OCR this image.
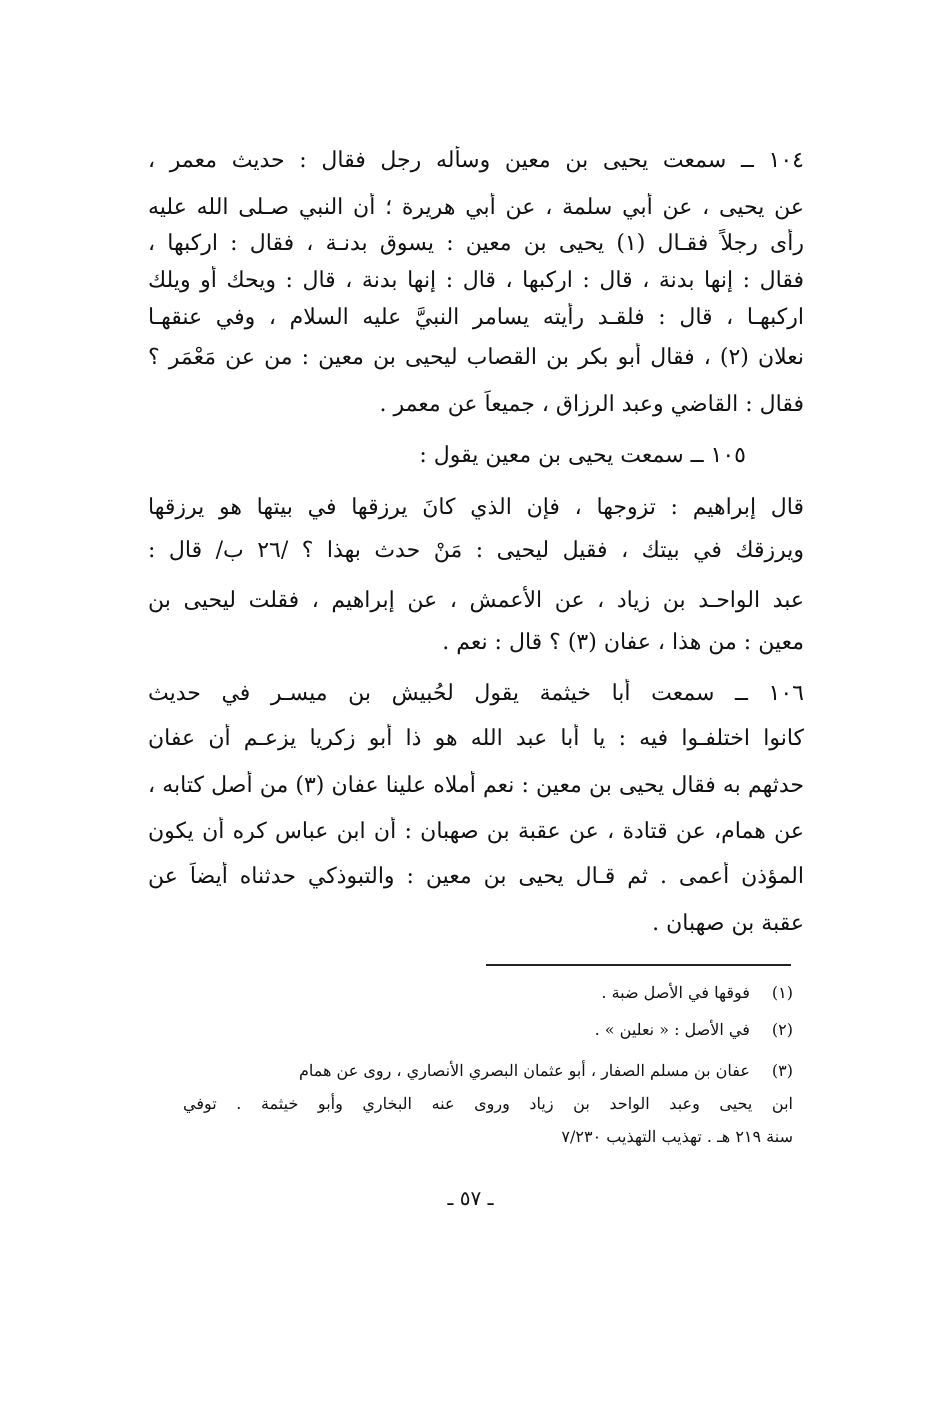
١٠٤ ــ سمعت يحيى بن معين وسأله رجل فقال : حديث معمر ،
عن يحيى ، عن أبي سلمة ، عن أبي هريرة ؛ أن النبي صـلى الله عليه
رأى رجلاً فقـال (١) يحيى بن معين : يسوق بدنـة ، فقال : اركبها ،
فقال : إنها بدنة ، قال : اركبها ، قال : إنها بدنة ، قال : ويحك أو ويلك
اركبهـا ، قال : فلقـد رأيته يسامر النبيَّ عليه السلام ، وفي عنقهـا
نعلان (٢) ، فقال أبو بكر بن القصاب ليحيى بن معين : من عن مَعْمَر ؟
فقال : القاضي وعبد الرزاق ، جميعاً عن معمر .
١٠٥ ــ سمعت يحيى بن معين يقول :
قال إبراهيم : تزوجها ، فإن الذي كانَ يرزقها في بيتها هو يرزقها
ويرزقك في بيتك ، فقيل ليحيى : مَنْ حدث بهذا ؟ /٢٦ ب/ قال :
عبد الواحـد بن زياد ، عن الأعمش ، عن إبراهيم ، فقلت ليحيى بن
معين : من هذا ، عفان (٣) ؟ قال : نعم .
١٠٦ ــ سمعت أبا خيثمة يقول لحُبيش بن ميسـر في حديث
كانوا اختلفـوا فيه : يا أبا عبد الله هو ذا أبو زكريا يزعـم أن عفان
حدثهم به فقال يحيى بن معين : نعم أملاه علينا عفان (٣) من أصل كتابه ،
عن همام، عن قتادة ، عن عقبة بن صهبان : أن ابن عباس كره أن يكون
المؤذن أعمى . ثم قـال يحيى بن معين : والتبوذكي حدثناه أيضاً عن
عقبة بن صهبان .
(١) فوقها في الأصل ضبة .
(٢) في الأصل : « نعلين » .
(٣) عفان بن مسلم الصفار ، أبو عثمان البصري الأنصاري ، روى عن همام
ابن يحيى وعبد الواحد بن زياد وروى عنه البخاري وأبو خيثمة . توفي
سنة ٢١٩ هـ . تهذيب التهذيب ٧/٢٣٠
ـ ٥٧ ـ
